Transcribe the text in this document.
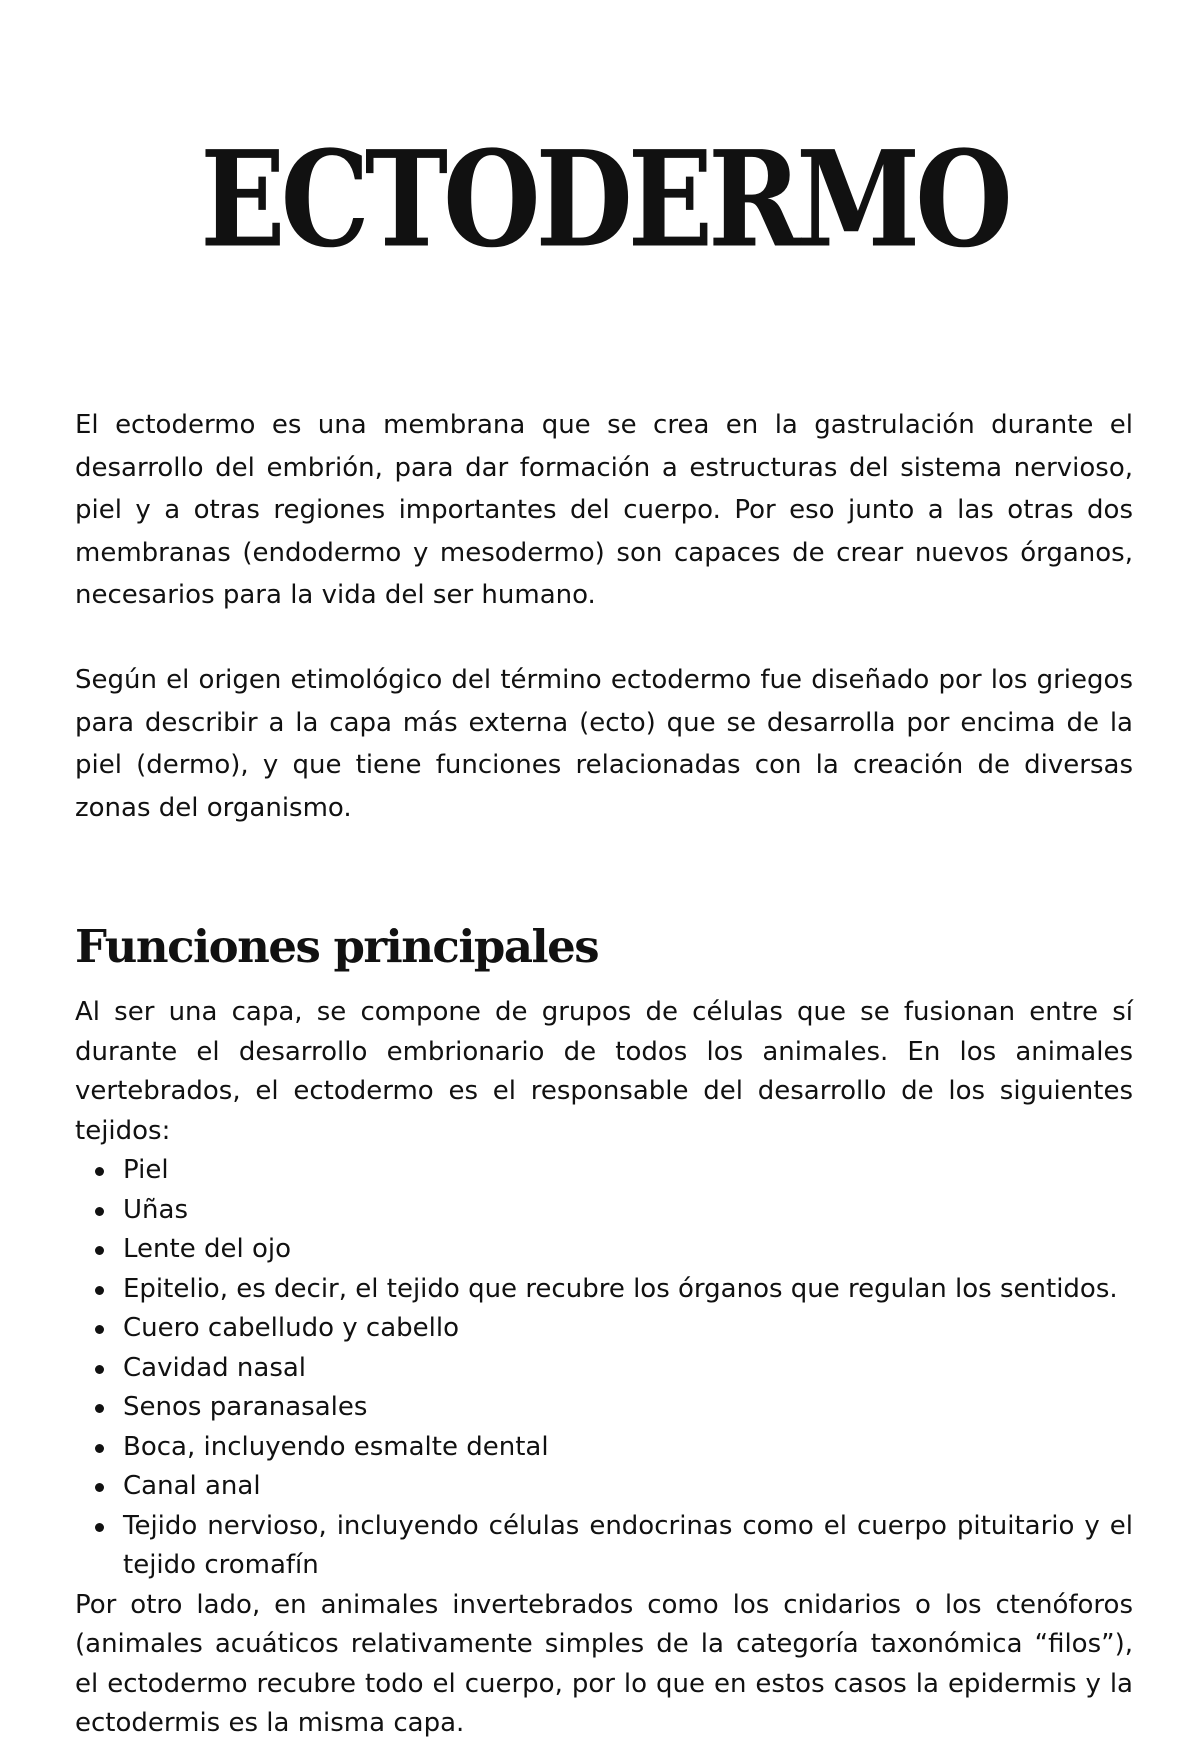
ECTODERMO

El ectodermo es una membrana que se crea en la gastrulación durante el desarrollo del embrión, para dar formación a estructuras del sistema nervioso, piel y a otras regiones importantes del cuerpo. Por eso junto a las otras dos membranas (endodermo y mesodermo) son capaces de crear nuevos órganos, necesarios para la vida del ser humano.

Según el origen etimológico del término ectodermo fue diseñado por los griegos para describir a la capa más externa (ecto) que se desarrolla por encima de la piel (dermo), y que tiene funciones relacionadas con la creación de diversas zonas del organismo.

Funciones principales

Al ser una capa, se compone de grupos de células que se fusionan entre sí durante el desarrollo embrionario de todos los animales. En los animales vertebrados, el ectodermo es el responsable del desarrollo de los siguientes tejidos:

Piel
Uñas
Lente del ojo
Epitelio, es decir, el tejido que recubre los órganos que regulan los sentidos.
Cuero cabelludo y cabello
Cavidad nasal
Senos paranasales
Boca, incluyendo esmalte dental
Canal anal
Tejido nervioso, incluyendo células endocrinas como el cuerpo pituitario y el tejido cromafín

Por otro lado, en animales invertebrados como los cnidarios o los ctenóforos (animales acuáticos relativamente simples de la categoría taxonómica “filos”), el ectodermo recubre todo el cuerpo, por lo que en estos casos la epidermis y la ectodermis es la misma capa.
